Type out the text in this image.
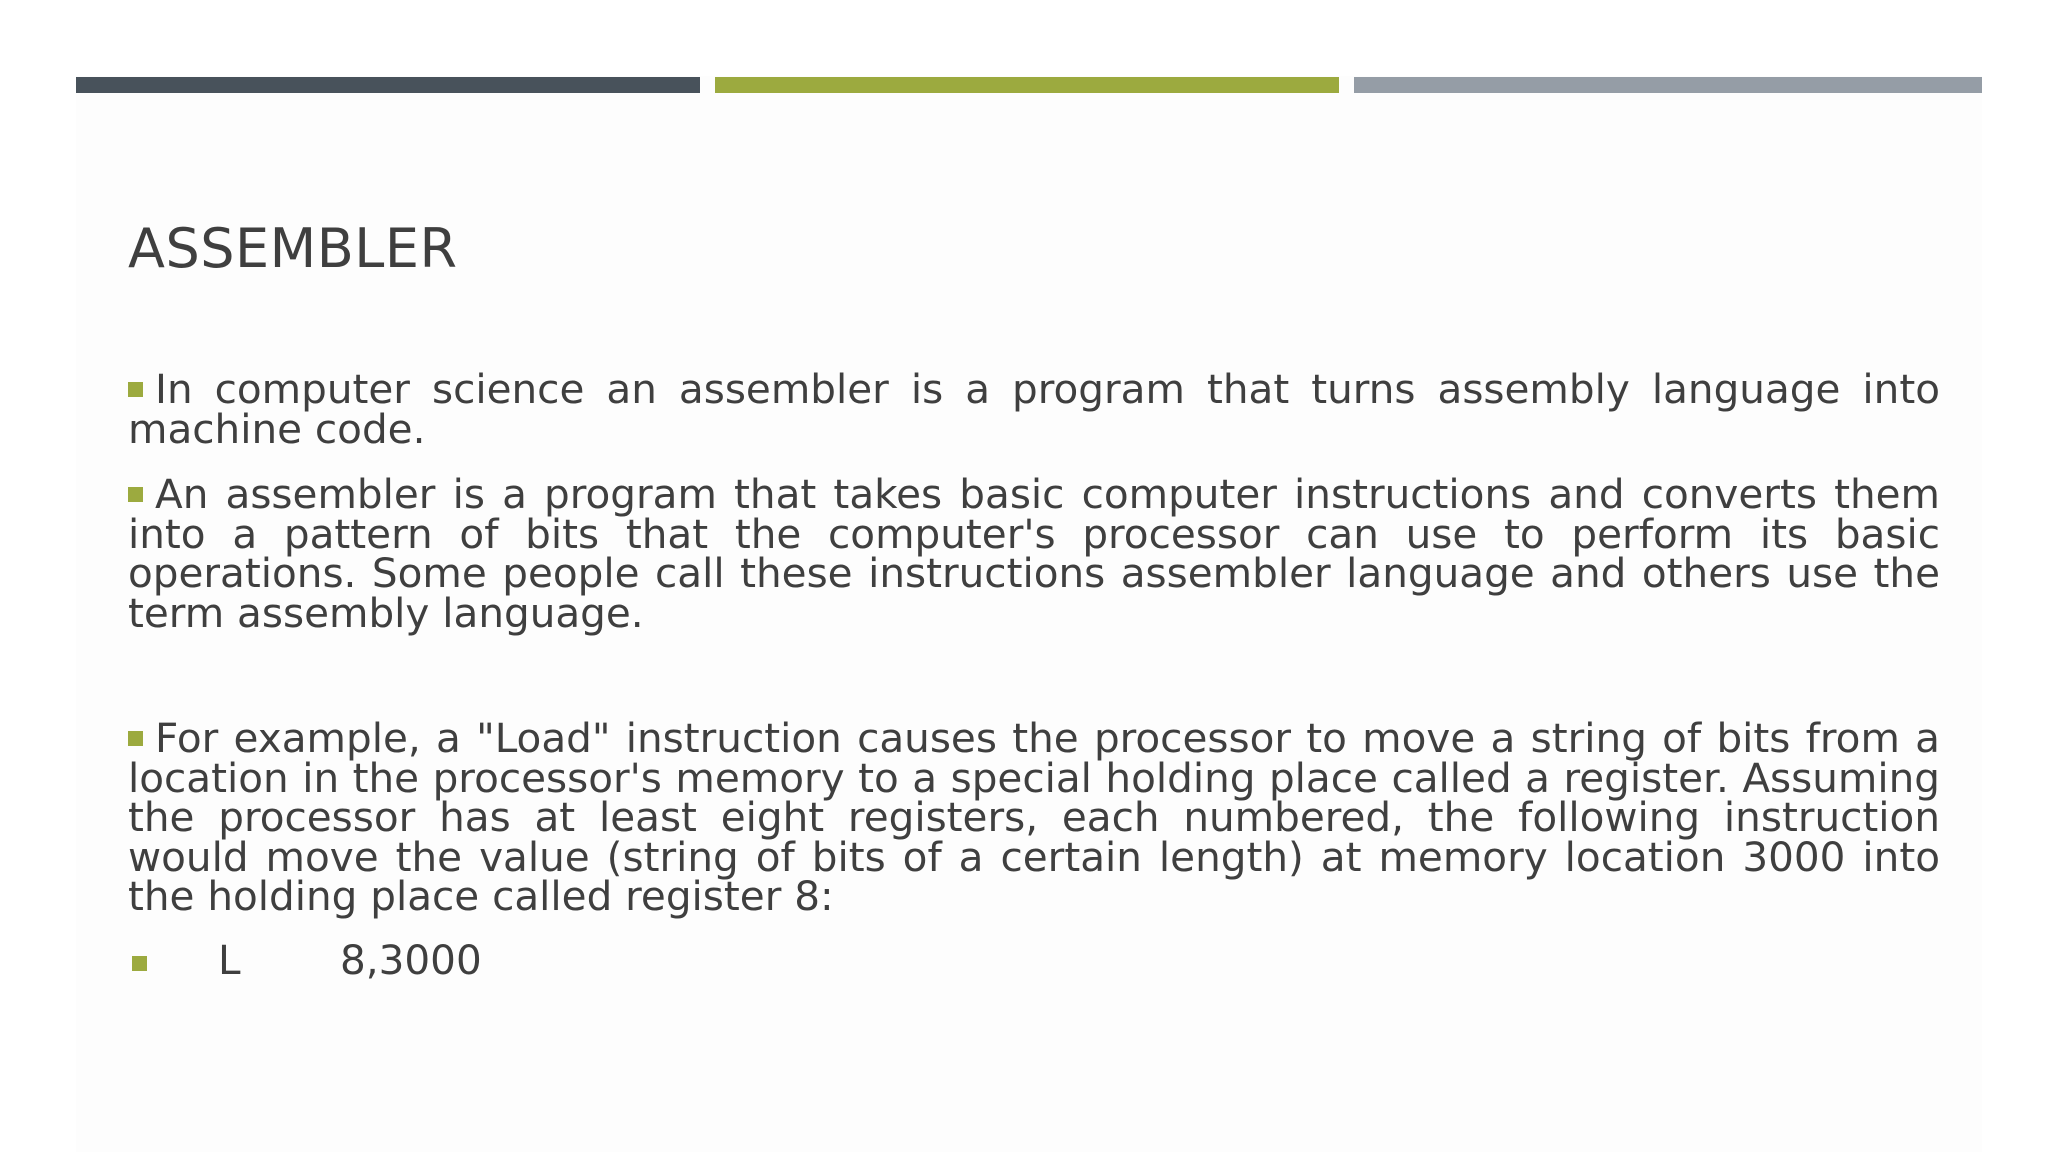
ASSEMBLER

In computer science an assembler is a program that turns assembly language into machine code.

An assembler is a program that takes basic computer instructions and converts them into a pattern of bits that the computer's processor can use to perform its basic operations. Some people call these instructions assembler language and others use the term assembly language.

For example, a "Load" instruction causes the processor to move a string of bits from a location in the processor's memory to a special holding place called a register. Assuming the processor has at least eight registers, each numbered, the following instruction would move the value (string of bits of a certain length) at memory location 3000 into the holding place called register 8:

L 8,3000
